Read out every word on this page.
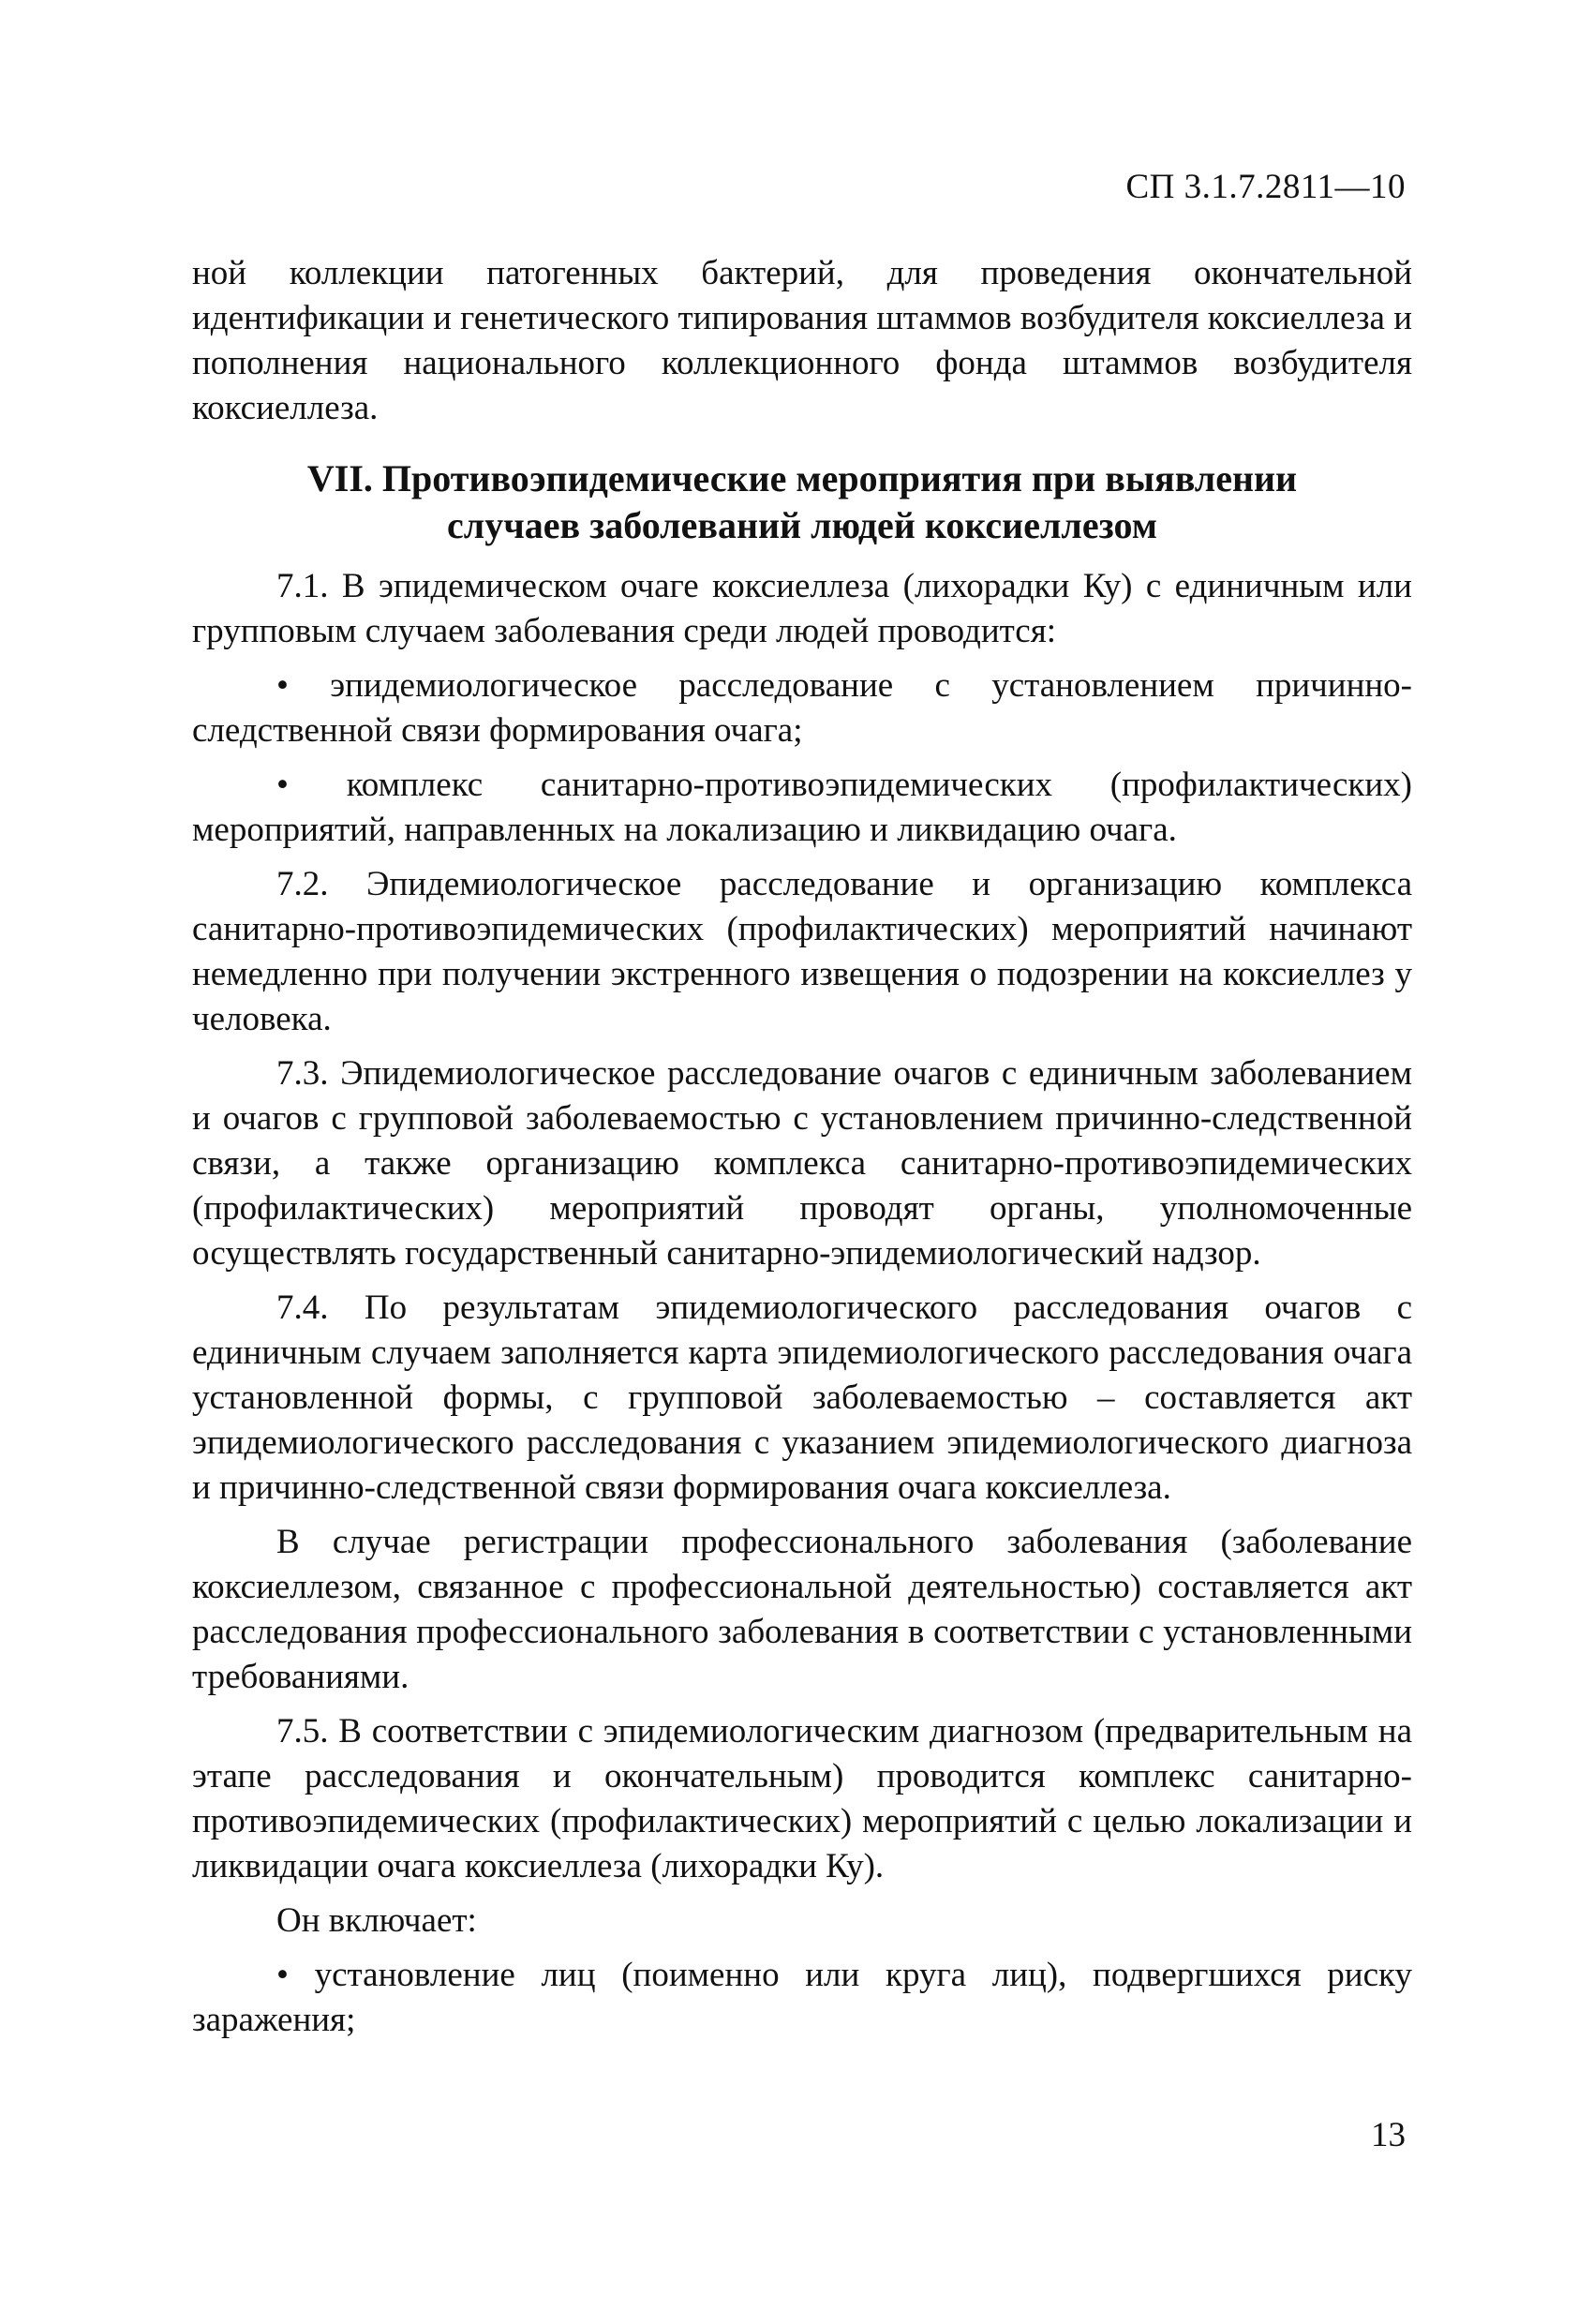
СП 3.1.7.2811—10

ной коллекции патогенных бактерий, для проведения окончательной идентификации и генетического типирования штаммов возбудителя коксиеллеза и пополнения национального коллекционного фонда штаммов возбудителя коксиеллеза.

VII. Противоэпидемические мероприятия при выявлении
случаев заболеваний людей коксиеллезом

7.1. В эпидемическом очаге коксиеллеза (лихорадки Ку) с единичным или групповым случаем заболевания среди людей проводится:

• эпидемиологическое расследование с установлением причинно-следственной связи формирования очага;

• комплекс санитарно-противоэпидемических (профилактических) мероприятий, направленных на локализацию и ликвидацию очага.

7.2. Эпидемиологическое расследование и организацию комплекса санитарно-противоэпидемических (профилактических) мероприятий начинают немедленно при получении экстренного извещения о подозрении на коксиеллез у человека.

7.3. Эпидемиологическое расследование очагов с единичным заболеванием и очагов с групповой заболеваемостью с установлением причинно-следственной связи, а также организацию комплекса санитарно-противоэпидемических (профилактических) мероприятий проводят органы, уполномоченные осуществлять государственный санитарно-эпидемиологический надзор.

7.4. По результатам эпидемиологического расследования очагов с единичным случаем заполняется карта эпидемиологического расследования очага установленной формы, с групповой заболеваемостью – составляется акт эпидемиологического расследования с указанием эпидемиологического диагноза и причинно-следственной связи формирования очага коксиеллеза.

В случае регистрации профессионального заболевания (заболевание коксиеллезом, связанное с профессиональной деятельностью) составляется акт расследования профессионального заболевания в соответствии с установленными требованиями.

7.5. В соответствии с эпидемиологическим диагнозом (предварительным на этапе расследования и окончательным) проводится комплекс санитарно-противоэпидемических (профилактических) мероприятий с целью локализации и ликвидации очага коксиеллеза (лихорадки Ку).

Он включает:

• установление лиц (поименно или круга лиц), подвергшихся риску заражения;

13
